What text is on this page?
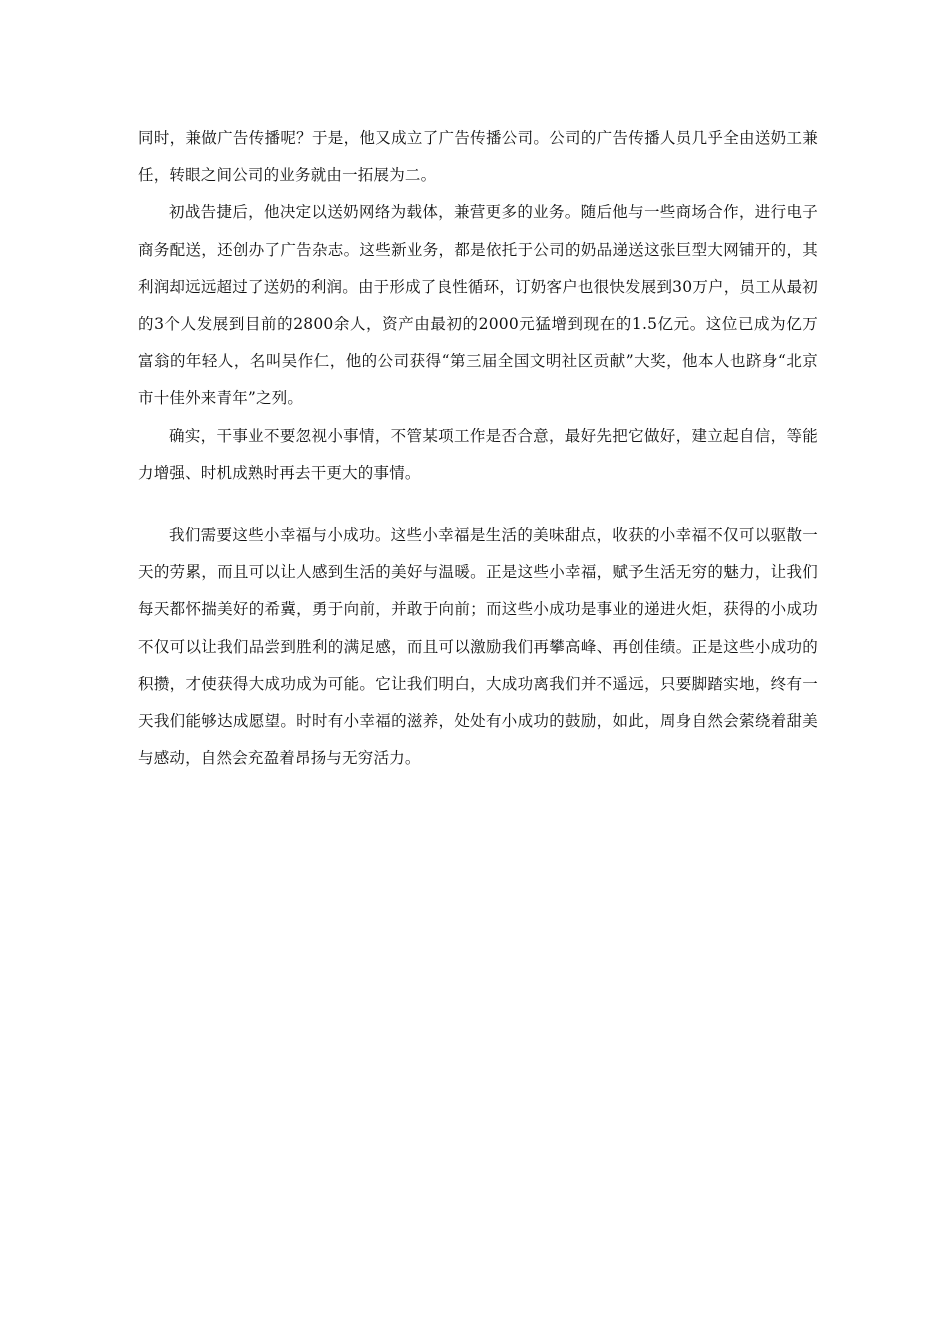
同时，兼做广告传播呢？于是，他又成立了广告传播公司。公司的广告传播人员几乎全由送奶工兼任，转眼之间公司的业务就由一拓展为二。

初战告捷后，他决定以送奶网络为载体，兼营更多的业务。随后他与一些商场合作，进行电子商务配送，还创办了广告杂志。这些新业务，都是依托于公司的奶品递送这张巨型大网铺开的，其利润却远远超过了送奶的利润。由于形成了良性循环，订奶客户也很快发展到30万户，员工从最初的3个人发展到目前的2800余人，资产由最初的2000元猛增到现在的1.5亿元。这位已成为亿万富翁的年轻人，名叫吴作仁，他的公司获得“第三届全国文明社区贡献”大奖，他本人也跻身“北京市十佳外来青年”之列。

确实，干事业不要忽视小事情，不管某项工作是否合意，最好先把它做好，建立起自信，等能力增强、时机成熟时再去干更大的事情。

我们需要这些小幸福与小成功。这些小幸福是生活的美味甜点，收获的小幸福不仅可以驱散一天的劳累，而且可以让人感到生活的美好与温暖。正是这些小幸福，赋予生活无穷的魅力，让我们每天都怀揣美好的希冀，勇于向前，并敢于向前；而这些小成功是事业的递进火炬，获得的小成功不仅可以让我们品尝到胜利的满足感，而且可以激励我们再攀高峰、再创佳绩。正是这些小成功的积攒，才使获得大成功成为可能。它让我们明白，大成功离我们并不遥远，只要脚踏实地，终有一天我们能够达成愿望。时时有小幸福的滋养，处处有小成功的鼓励，如此，周身自然会萦绕着甜美与感动，自然会充盈着昂扬与无穷活力。
